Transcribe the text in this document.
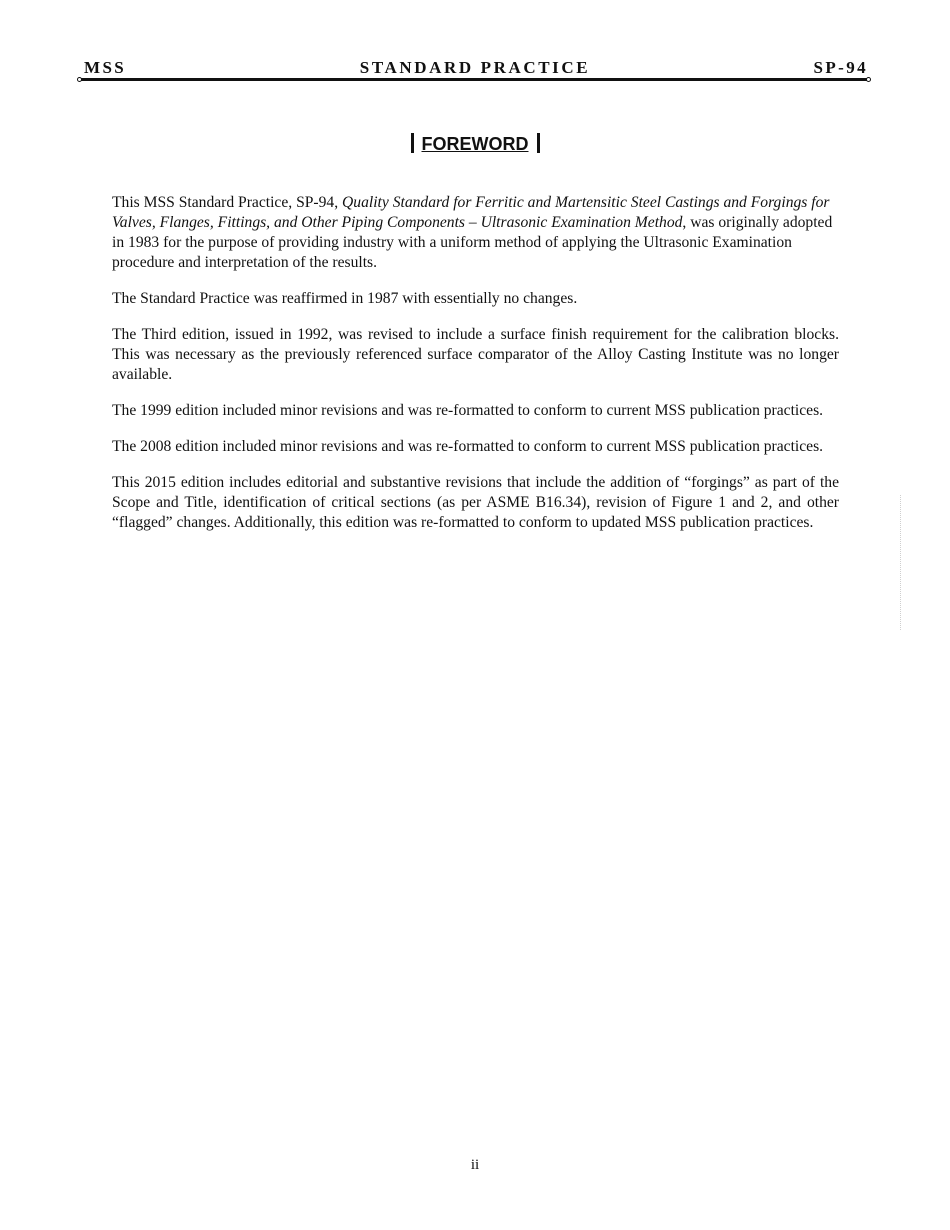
MSS	STANDARD PRACTICE	SP-94
FOREWORD

This MSS Standard Practice, SP-94, Quality Standard for Ferritic and Martensitic Steel Castings and Forgings for Valves, Flanges, Fittings, and Other Piping Components – Ultrasonic Examination Method, was originally adopted in 1983 for the purpose of providing industry with a uniform method of applying the Ultrasonic Examination procedure and interpretation of the results.

The Standard Practice was reaffirmed in 1987 with essentially no changes.

The Third edition, issued in 1992, was revised to include a surface finish requirement for the calibration blocks. This was necessary as the previously referenced surface comparator of the Alloy Casting Institute was no longer available.

The 1999 edition included minor revisions and was re-formatted to conform to current MSS publication practices.

The 2008 edition included minor revisions and was re-formatted to conform to current MSS publication practices.

This 2015 edition includes editorial and substantive revisions that include the addition of “forgings” as part of the Scope and Title, identification of critical sections (as per ASME B16.34), revision of Figure 1 and 2, and other “flagged” changes. Additionally, this edition was re-formatted to conform to updated MSS publication practices.

ii
